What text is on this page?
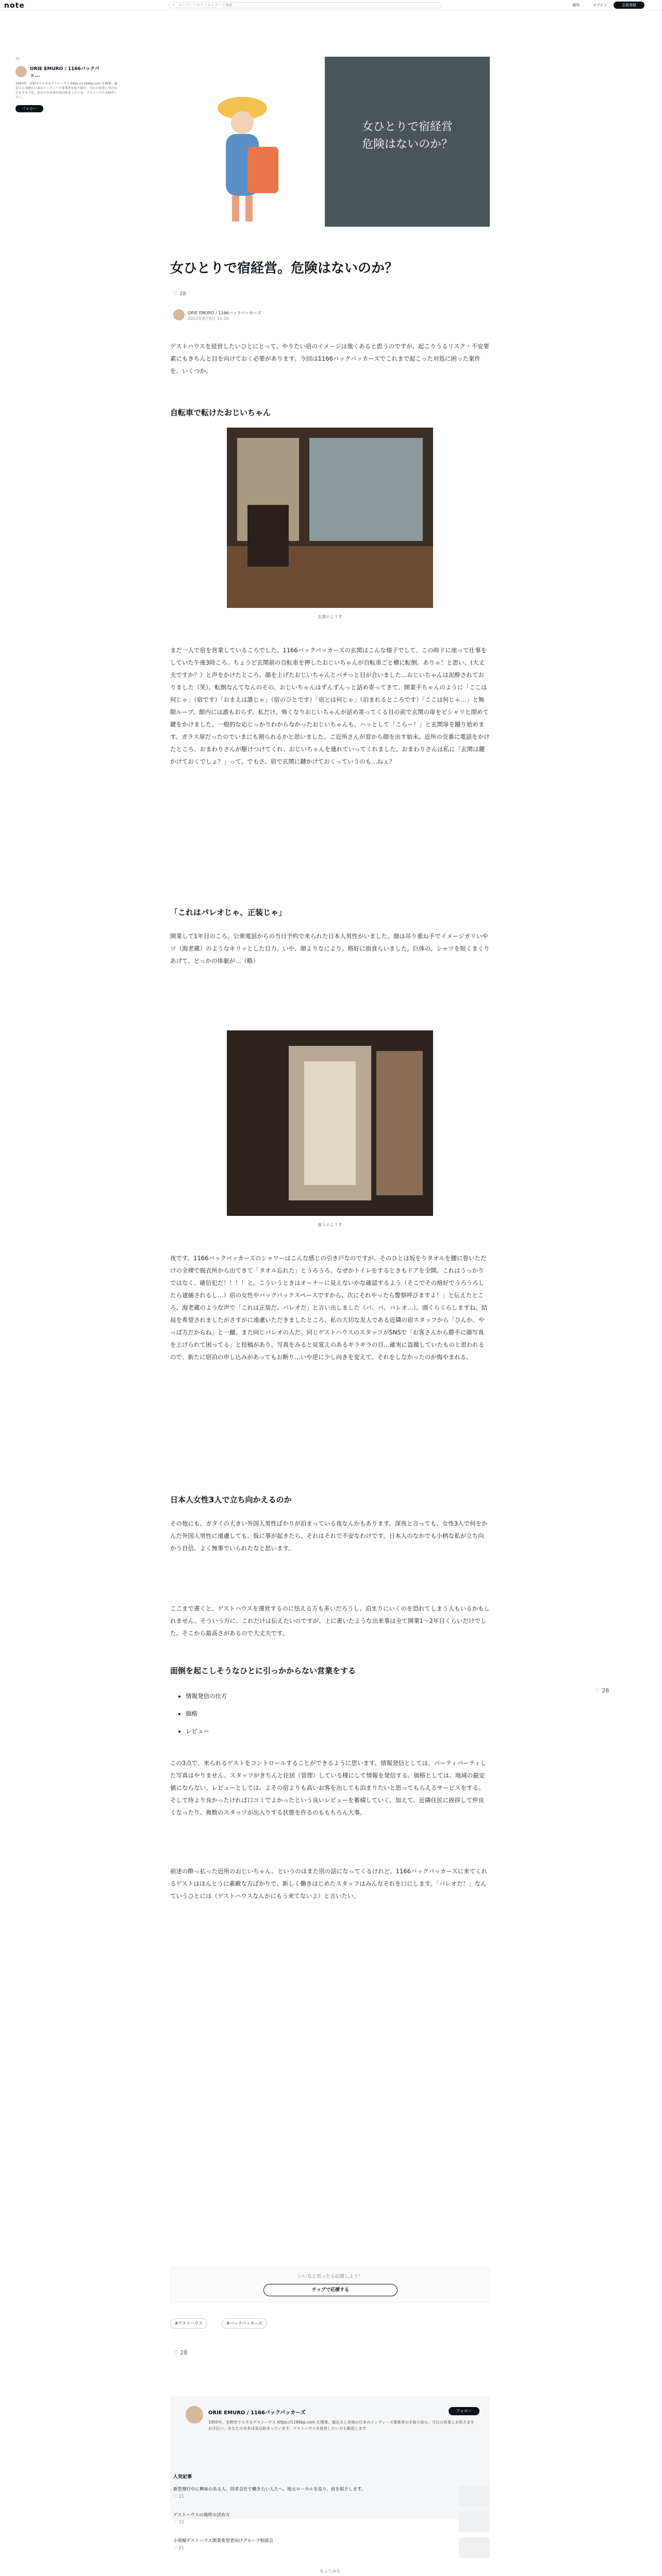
note	⌕ キーワードやクリエイターで検索	通知	ログイン	会員登録
41
ORIE EMURO / 1166バックパッ...
1950年、長野市で小さなゲストハウス https://1166bp.com を開業。最近夫と各地の日本のインディーズ事業者を取り組む。当日の営業と受けなどをする予定。あなたの未来は実は始まっている。ゲストハウスを経営したい...
フォロー
女ひとりで宿経営
危険はないのか？
女ひとりで宿経営。危険はないのか？
♡ 28
ORIE EMURO / 1166バックパッカーズ
2023年8月9日 11:16
ゲストハウスを経営したいひとにとって、やりたい宿のイメージは強くあると思うのですが、起こりうるリスク・不安要素にもきちんと目を向けておく必要があります。今回は1166バックパッカーズでこれまで起こった対処に困った案件を、いくつか。
自転車で転けたおじいちゃん
玄関のようす
まだ一人で宿を営業しているころでした。1166バックパッカーズの玄関はこんな様子でして、この時ドに座って仕事をしていた午後3時ころ。ちょうど玄関前の自転車を押したおじいちゃんが自転車ごと横に転倒。ありゃ！と思い、(大丈夫ですか？）と声をかけたところ、顔を上げたおじいちゃんとパチっと目が合いました…おじいちゃんは泥酔されておりました（笑）。転倒なんてなんのその、おじいちゃんはずんずんっと話め寄ってきて、開業手ちゃんのように「ここは何じゃ」（宿です）「おまえは誰じゃ」（宿のひとです）「宿とは何じゃ」（泊まれるところです）「ここは何じゃ…」と無限ループ。館内には誰もおらず、私だけ。怖くなりおじいちゃんが話め寄ってくる目の前で玄関の扉をピシャリと閉めて鍵をかけました。一般的な応じっかりわからなかったおじいちゃんも、ハッとして「こらー！」と玄関扉を蹴り始めます。ガラス扉だったのでいまにも割られるかと思いました。ご近所さんが窓から顔を出す始末。近所の交番に電話をかけたところ、おまわりさんが駆けつけてくれ、おじいちゃんを連れていってくれました。おまわりさんは私に「玄関は鍵かけておくでしょ？」って。でもさ、宿で玄関に鍵かけておくっていうのも…ねぇ？
「これはパレオじゃ、正装じゃ」
開業して1年目のころ。公衆電話からの当日予約で来られた日本人男性がいました。顔は吊り重ね手でイメージガリいやツ（海老蔵）のようなキリッとした目力。いや、顔よりなにより、格好に面食らいました。巨体の、シャツを短くまくりあげて、どっかの体躯が…（略）
廊下のようす
夜です。1166バックパッカーズのシャワーはこんな感じの引き戸なのですが、そのひとは坂をりタオルを腰に巻いただけの全裸で脱衣所から出てきて「タオル忘れた」とうろうろ。なぜかトイレをするときもドアを全開。これはうっかりではなく、確信犯だ！！！！と。こういうときはオーナーに見えないかな確認するよう（そこでその格好でうろうろしたら逮捕されるし…）宿の女性やバックパックスペースですから、次にそれやったら警察呼びますよ！」と伝えたところ、海老蔵のような声で「これは正装だ、パレオだ」と言い出しました（パ、パ、パレオ…）。頭くらくらしますね。結局を希望されましたがさすがに遠慮いただきましたところ、私の大切な友人である近隣の宿スタッフから「ひんか、やっぱ方だからね」と一蹴。また同じパレオの人だ。同じゲストハウスのスタッフがSNSで「お客さんから勝手に顔写真を上げられて困ってる」と投稿があり、写真をみると見覚えのあるギラギラの目…確実に盗撮していたものと思われるので、新たに宿泊の申し込みがあってもお断り…いや逆に少し向きを変えて、それをしなかったのが悔やまれる。
日本人女性3人で立ち向かえるのか
その他にも、ガタイの大きい外国人男性ばかりが泊まっている夜なんかもあります。深夜と言っても、女性3人で何をかんだ外国人男性に遠慮しても、仮に事が起きたら、それはそれで不安なわけです。日本人のなかでも小柄な私が立ち向かう自信、よく無事でいられたなと思います。
ここまで書くと、ゲストハウスを運営するのに怯える方も多いだろうし、泊まりにいくのを恐れてしまう人もいるかもしれません。そういう方に、これだけは伝えたいのですが、上に書いたような出来事は全て開業1〜2年目くらいだけでした。そこから最高さがあるので大丈夫です。
面倒を起こしそうなひとに引っかからない営業をする
• 情報発信の仕方
• 価格
• レビュー
♡ 28
この3点で、来られるゲストをコントロールすることができるように思います。情報発信としては、パーティパーティした写真はやりません。スタッフがきちんと住居（管理）している様にして情報を発信する。価格としては、地域の最安値にならない。レビューとしては、よその宿よりも高いお客を出しても泊まりたいと思ってもらえるサービスをする。そして待より良かったければ口コミでよかったという良いレビューを蓄積していく。加えて、近隣住民に挨拶して仲良くなったり、複数のスタッフが出入りする状態を作るのももちろん大事。
前述の酔っ払った近所のおじいちゃん、というのはまた別の話になってくるけれど、1166バックパッカーズに来てくれるゲストはほんとうに素敵な方ばかりで、新しく働きはじめたスタッフはみんなそれを口にします。「パレオだ！」なんていうひとには（ゲストハウスなんかにもう来てないよ）と言いたい。
いいなと思ったら応援しよう！
チップで応援する
#ゲストハウス	#バックパッカーズ
♡ 28
ORIE EMURO / 1166バックパッカーズ	フォロー
1950年、長野市で小さなゲストハウス https://1166bp.com を開業。最近夫と各地の日本のインディーズ事業者の手取り組む。当日の営業とお客さまをお手伝い。あなたの未来は実は始まっています。ゲストハウスを経営したい方も歓迎します
人気記事
新型飛行中に興味のある人、同者会社で働きたい人たへ。地元ローカルを巡り、宿を紹介します。
♡ 11
ゲストハウスの場所の決め方
♡ 15
小規模ゲストハウス開業希望者向けグループ相談会
♡ 21
もっとみる
